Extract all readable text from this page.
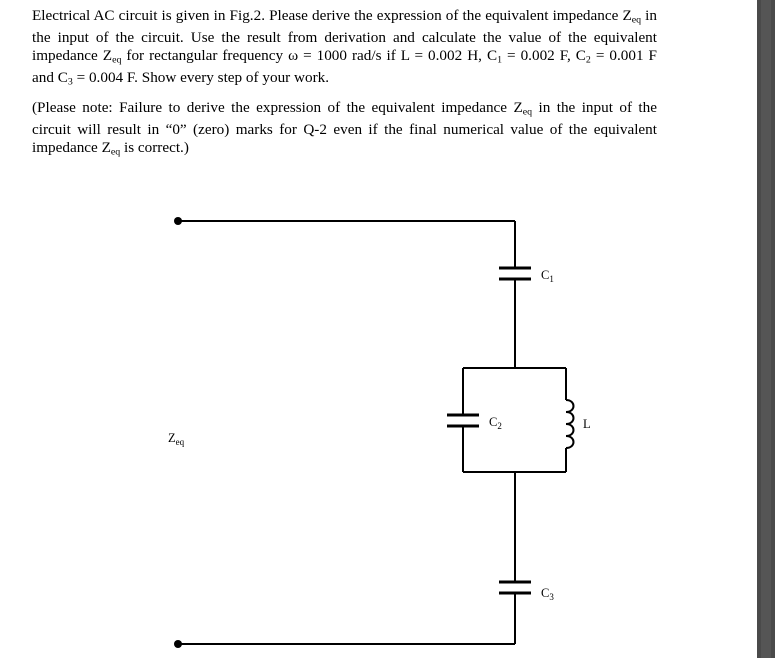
Electrical AC circuit is given in Fig.2. Please derive the expression of the equivalent impedance $Z_{eq}$ in the input of the circuit. Use the result from derivation and calculate the value of the equivalent impedance $Z_{eq}$ for rectangular frequency ω = 1000 rad/s if L = 0.002 H, $C_1 = 0.002$ F, $C_2 = 0.001$ F and $C_3 = 0.004$ F. Show every step of your work.

(Please note: Failure to derive the expression of the equivalent impedance $Z_{eq}$ in the input of the circuit will result in “0” (zero) marks for Q-2 even if the final numerical value of the equivalent impedance $Z_{eq}$ is correct.)

$Z_{eq}$
$C_1$
$C_2$
$C_3$
L
